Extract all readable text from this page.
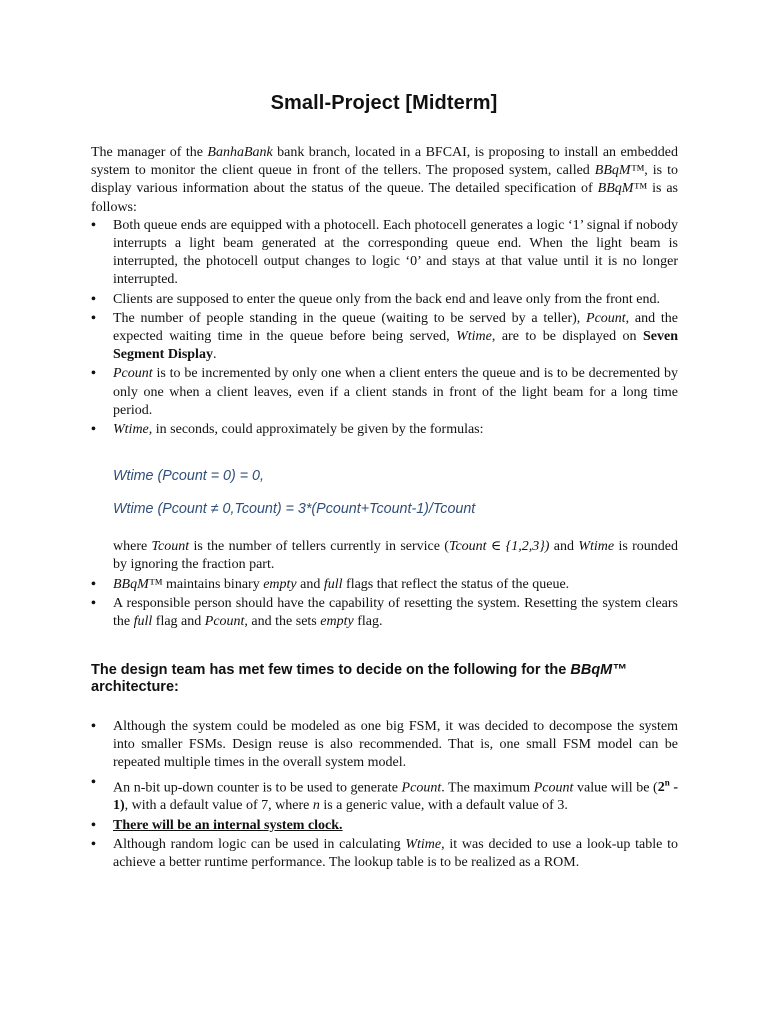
Small-Project [Midterm]

The manager of the BanhaBank bank branch, located in a BFCAI, is proposing to install an embedded system to monitor the client queue in front of the tellers. The proposed system, called BBqM™, is to display various information about the status of the queue. The detailed specification of BBqM™ is as follows:

• Both queue ends are equipped with a photocell. Each photocell generates a logic ‘1’ signal if nobody interrupts a light beam generated at the corresponding queue end. When the light beam is interrupted, the photocell output changes to logic ‘0’ and stays at that value until it is no longer interrupted.
• Clients are supposed to enter the queue only from the back end and leave only from the front end.
• The number of people standing in the queue (waiting to be served by a teller), Pcount, and the expected waiting time in the queue before being served, Wtime, are to be displayed on Seven Segment Display.
• Pcount is to be incremented by only one when a client enters the queue and is to be decremented by only one when a client leaves, even if a client stands in front of the light beam for a long time period.
• Wtime, in seconds, could approximately be given by the formulas:
Wtime (Pcount = 0) = 0,
Wtime (Pcount ≠ 0,Tcount) = 3*(Pcount+Tcount-1)/Tcount
where Tcount is the number of tellers currently in service (Tcount ∈ {1,2,3}) and Wtime is rounded by ignoring the fraction part.
• BBqM™ maintains binary empty and full flags that reflect the status of the queue.
• A responsible person should have the capability of resetting the system. Resetting the system clears the full flag and Pcount, and the sets empty flag.
The design team has met few times to decide on the following for the BBqM™
architecture:
• Although the system could be modeled as one big FSM, it was decided to decompose the system into smaller FSMs. Design reuse is also recommended. That is, one small FSM model can be repeated multiple times in the overall system model.
• An n-bit up-down counter is to be used to generate Pcount. The maximum Pcount value will be (2$^n$ - 1), with a default value of 7, where n is a generic value, with a default value of 3.
• There will be an internal system clock.
• Although random logic can be used in calculating Wtime, it was decided to use a look-up table to achieve a better runtime performance. The lookup table is to be realized as a ROM.
